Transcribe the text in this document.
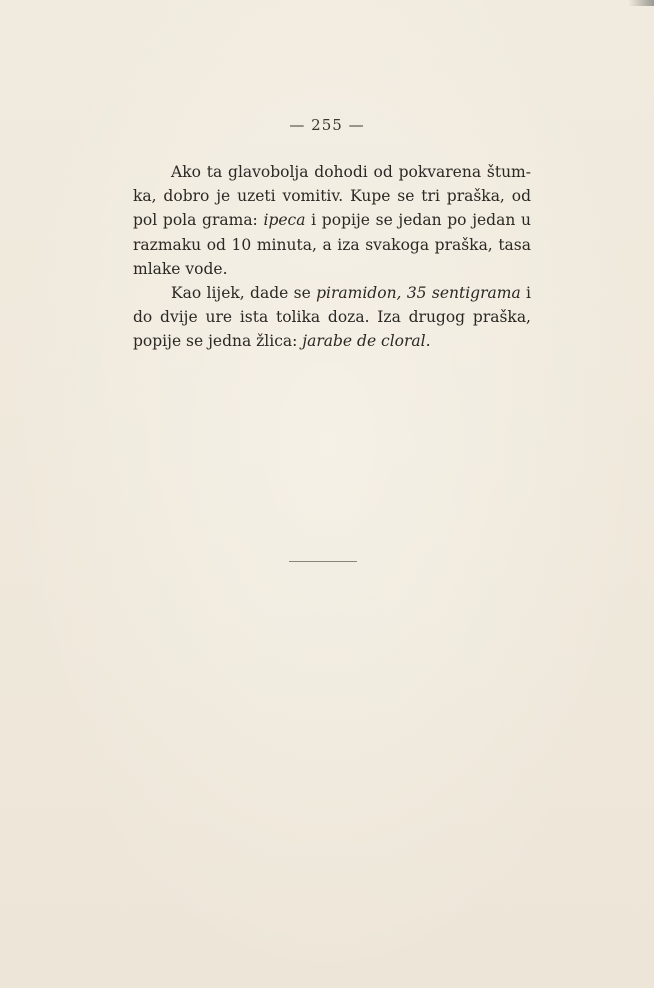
— 255 —

Ako ta glavobolja dohodi od pokvarena štum-ka, dobro je uzeti vomitiv. Kupe se tri praška, od pol pola grama: ipeca i popije se jedan po jedan u razmaku od 10 minuta, a iza svakoga praška, tasa mlake vode.

Kao lijek, dade se piramidon, 35 sentigrama i do dvije ure ista tolika doza. Iza drugog praška, popije se jedna žlica: jarabe de cloral.
